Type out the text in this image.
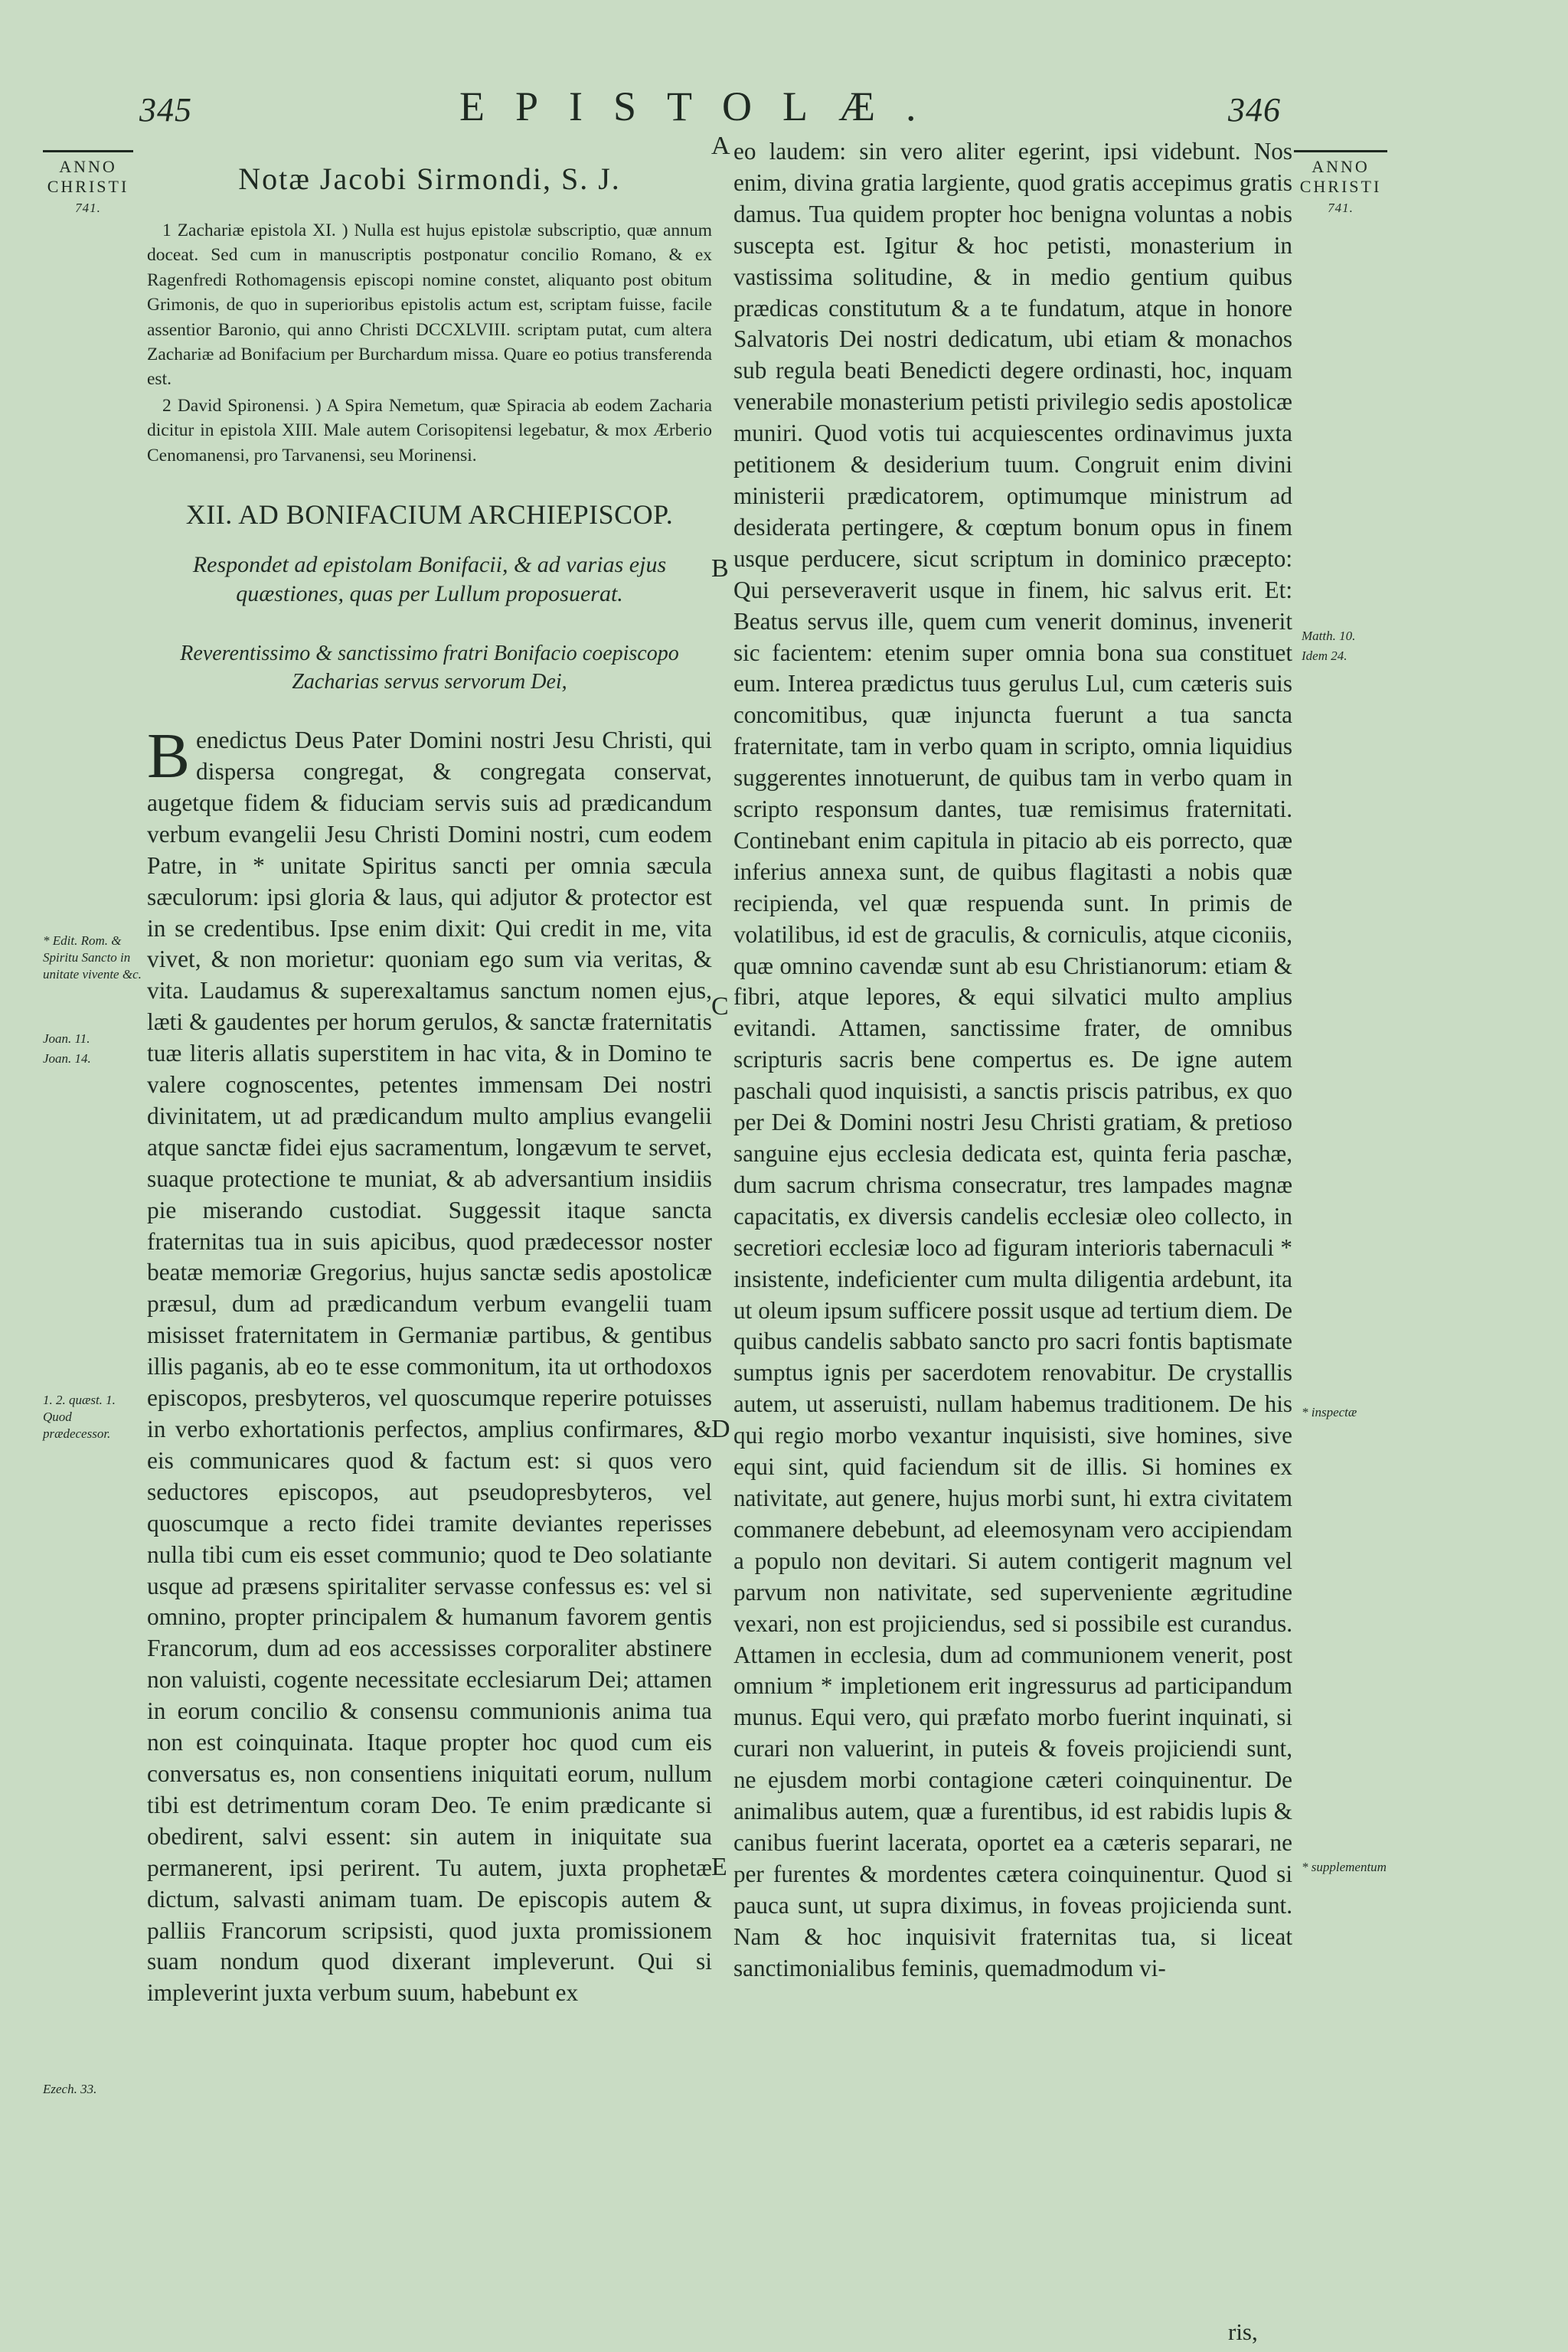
345	EPISTOLÆ.	346
ANNO
CHRISTI
741.
ANNO
CHRISTI
741.
Notæ Jacobi Sirmondi, S. J.

1 Zachariæ epistola XI. ) Nulla est hujus epistolæ subscriptio, quæ annum doceat. Sed cum in manuscriptis postponatur concilio Romano, & ex Ragenfredi Rothomagensis episcopi nomine constet, aliquanto post obitum Grimonis, de quo in superioribus epistolis actum est, scriptam fuisse, facile assentior Baronio, qui anno Christi DCCXLVIII. scriptam putat, cum altera Zachariæ ad Bonifacium per Burchardum missa. Quare eo potius transferenda est.

2 David Spironensi. ) A Spira Nemetum, quæ Spiracia ab eodem Zacharia dicitur in epistola XIII. Male autem Corisopitensi legebatur, & mox Ærberio Cenomanensi, pro Tarvanensi, seu Morinensi.

XII. AD BONIFACIUM ARCHIEPISCOP.
Respondet ad epistolam Bonifacii, & ad varias ejus quæstiones, quas per Lullum proposuerat.
Reverentissimo & sanctissimo fratri Bonifacio coepiscopo Zacharias servus servorum Dei,

Benedictus Deus Pater Domini nostri Jesu Christi, qui dispersa congregat, & congregata conservat, augetque fidem & fiduciam servis suis ad prædicandum verbum evangelii Jesu Christi Domini nostri, cum eodem Patre, in * unitate Spiritus sancti per omnia sæcula sæculorum: ipsi gloria & laus, qui adjutor & protector est in se credentibus. Ipse enim dixit: Qui credit in me, vita vivet, & non morietur: quoniam ego sum via veritas, & vita. Laudamus & superexaltamus sanctum nomen ejus, læti & gaudentes per horum gerulos, & sanctæ fraternitatis tuæ literis allatis superstitem in hac vita, & in Domino te valere cognoscentes, petentes immensam Dei nostri divinitatem, ut ad prædicandum multo amplius evangelii atque sanctæ fidei ejus sacramentum, longævum te servet, suaque protectione te muniat, & ab adversantium insidiis pie miserando custodiat. Suggessit itaque sancta fraternitas tua in suis apicibus, quod prædecessor noster beatæ memoriæ Gregorius, hujus sanctæ sedis apostolicæ præsul, dum ad prædicandum verbum evangelii tuam misisset fraternitatem in Germaniæ partibus, & gentibus illis paganis, ab eo te esse commonitum, ita ut orthodoxos episcopos, presbyteros, vel quoscumque reperire potuisses in verbo exhortationis perfectos, amplius confirmares, & eis communicares quod & factum est: si quos vero seductores episcopos, aut pseudopresbyteros, vel quoscumque a recto fidei tramite deviantes reperisses nulla tibi cum eis esset communio; quod te Deo solatiante usque ad præsens spiritaliter servasse confessus es: vel si omnino, propter principalem & humanum favorem gentis Francorum, dum ad eos accessisses corporaliter abstinere non valuisti, cogente necessitate ecclesiarum Dei; attamen in eorum concilio & consensu communionis anima tua non est coinquinata. Itaque propter hoc quod cum eis conversatus es, non consentiens iniquitati eorum, nullum tibi est detrimentum coram Deo. Te enim prædicante si obedirent, salvi essent: sin autem in iniquitate sua permanerent, ipsi perirent. Tu autem, juxta prophetæ dictum, salvasti animam tuam. De episcopis autem & palliis Francorum scripsisti, quod juxta promissionem suam nondum quod dixerant impleverunt. Qui si impleverint juxta verbum suum, habebunt ex

eo laudem: sin vero aliter egerint, ipsi videbunt. Nos enim, divina gratia largiente, quod gratis accepimus gratis damus. Tua quidem propter hoc benigna voluntas a nobis suscepta est. Igitur & hoc petisti, monasterium in vastissima solitudine, & in medio gentium quibus prædicas constitutum & a te fundatum, atque in honore Salvatoris Dei nostri dedicatum, ubi etiam & monachos sub regula beati Benedicti degere ordinasti, hoc, inquam venerabile monasterium petisti privilegio sedis apostolicæ muniri. Quod votis tui acquiescentes ordinavimus juxta petitionem & desiderium tuum. Congruit enim divini ministerii prædicatorem, optimumque ministrum ad desiderata pertingere, & cœptum bonum opus in finem usque perducere, sicut scriptum in dominico præcepto: Qui perseveraverit usque in finem, hic salvus erit. Et: Beatus servus ille, quem cum venerit dominus, invenerit sic facientem: etenim super omnia bona sua constituet eum. Interea prædictus tuus gerulus Lul, cum cæteris suis concomitibus, quæ injuncta fuerunt a tua sancta fraternitate, tam in verbo quam in scripto, omnia liquidius suggerentes innotuerunt, de quibus tam in verbo quam in scripto responsum dantes, tuæ remisimus fraternitati. Continebant enim capitula in pitacio ab eis porrecto, quæ inferius annexa sunt, de quibus flagitasti a nobis quæ recipienda, vel quæ respuenda sunt. In primis de volatilibus, id est de graculis, & corniculis, atque ciconiis, quæ omnino cavendæ sunt ab esu Christianorum: etiam & fibri, atque lepores, & equi silvatici multo amplius evitandi. Attamen, sanctissime frater, de omnibus scripturis sacris bene compertus es. De igne autem paschali quod inquisisti, a sanctis priscis patribus, ex quo per Dei & Domini nostri Jesu Christi gratiam, & pretioso sanguine ejus ecclesia dedicata est, quinta feria paschæ, dum sacrum chrisma consecratur, tres lampades magnæ capacitatis, ex diversis candelis ecclesiæ oleo collecto, in secretiori ecclesiæ loco ad figuram interioris tabernaculi * insistente, indeficienter cum multa diligentia ardebunt, ita ut oleum ipsum sufficere possit usque ad tertium diem. De quibus candelis sabbato sancto pro sacri fontis baptismate sumptus ignis per sacerdotem renovabitur. De crystallis autem, ut asseruisti, nullam habemus traditionem. De his qui regio morbo vexantur inquisisti, sive homines, sive equi sint, quid faciendum sit de illis. Si homines ex nativitate, aut genere, hujus morbi sunt, hi extra civitatem commanere debebunt, ad eleemosynam vero accipiendam a populo non devitari. Si autem contigerit magnum vel parvum non nativitate, sed superveniente ægritudine vexari, non est projiciendus, sed si possibile est curandus. Attamen in ecclesia, dum ad communionem venerit, post omnium * impletionem erit ingressurus ad participandum munus. Equi vero, qui præfato morbo fuerint inquinati, si curari non valuerint, in puteis & foveis projiciendi sunt, ne ejusdem morbi contagione cæteri coinquinentur. De animalibus autem, quæ a furentibus, id est rabidis lupis & canibus fuerint lacerata, oportet ea a cæteris separari, ne per furentes & mordentes cætera coinquinentur. Quod si pauca sunt, ut supra diximus, in foveas projicienda sunt. Nam & hoc inquisivit fraternitas tua, si liceat sanctimonialibus feminis, quemadmodum vi-

ris,
A
B
C
D
E
* Edit. Rom. & Spiritu Sancto in unitate vivente &c.
Joan. 11.
Joan. 14.
1. 2. quæst. 1. Quod prædecessor.
Ezech. 33.
Matth. 10.
Idem 24.
* inspectæ
* supplementum
